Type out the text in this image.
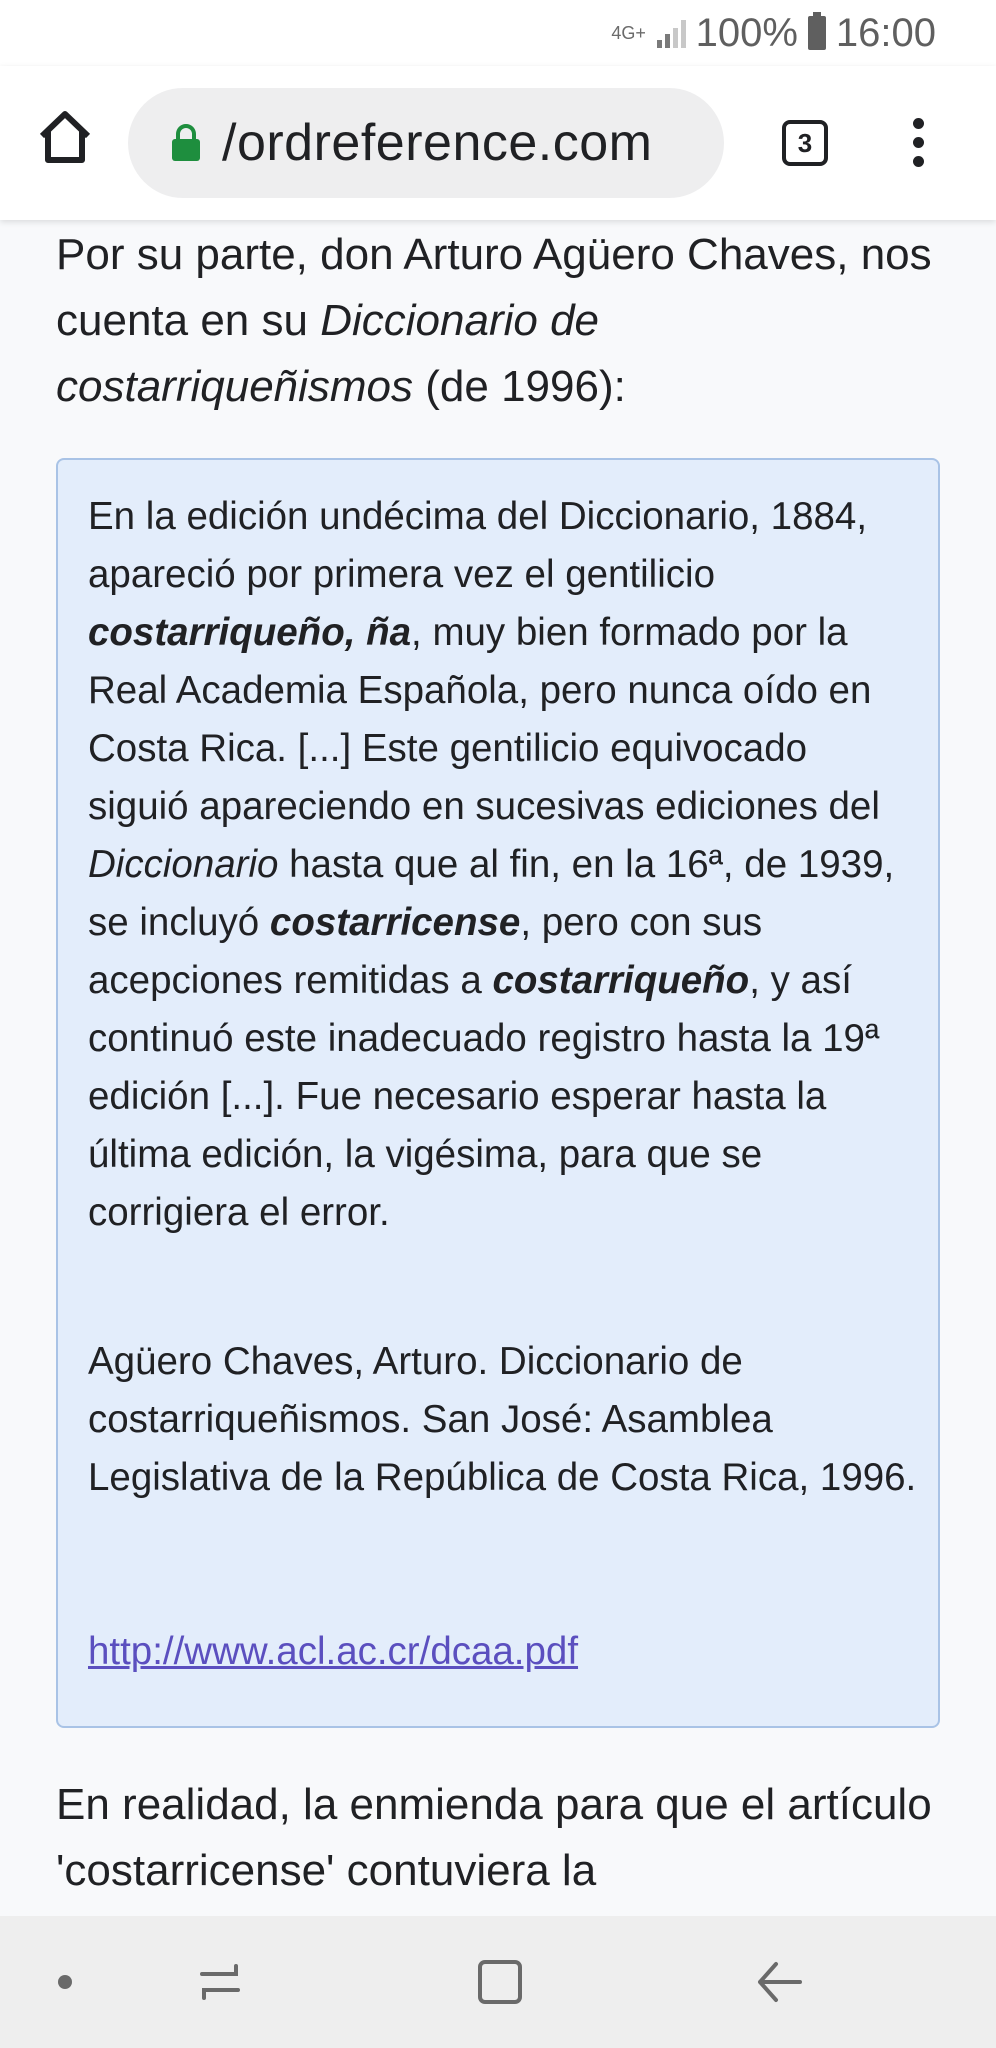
4G+ 100% 16:00
/ordreference.com	3
Por su parte, don Arturo Agüero Chaves, nos cuenta en su Diccionario de costarriqueñismos (de 1996):
En la edición undécima del Diccionario, 1884, apareció por primera vez el gentilicio costarriqueño, ña, muy bien formado por la Real Academia Española, pero nunca oído en Costa Rica. [...] Este gentilicio equivocado siguió apareciendo en sucesivas ediciones del Diccionario hasta que al fin, en la 16ª, de 1939, se incluyó costarricense, pero con sus acepciones remitidas a costarriqueño, y así continuó este inadecuado registro hasta la 19ª edición [...]. Fue necesario esperar hasta la última edición, la vigésima, para que se corrigiera el error.
Agüero Chaves, Arturo. Diccionario de costarriqueñismos. San José: Asamblea Legislativa de la República de Costa Rica, 1996.
http://www.acl.ac.cr/dcaa.pdf
En realidad, la enmienda para que el artículo 'costarricense' contuviera la
